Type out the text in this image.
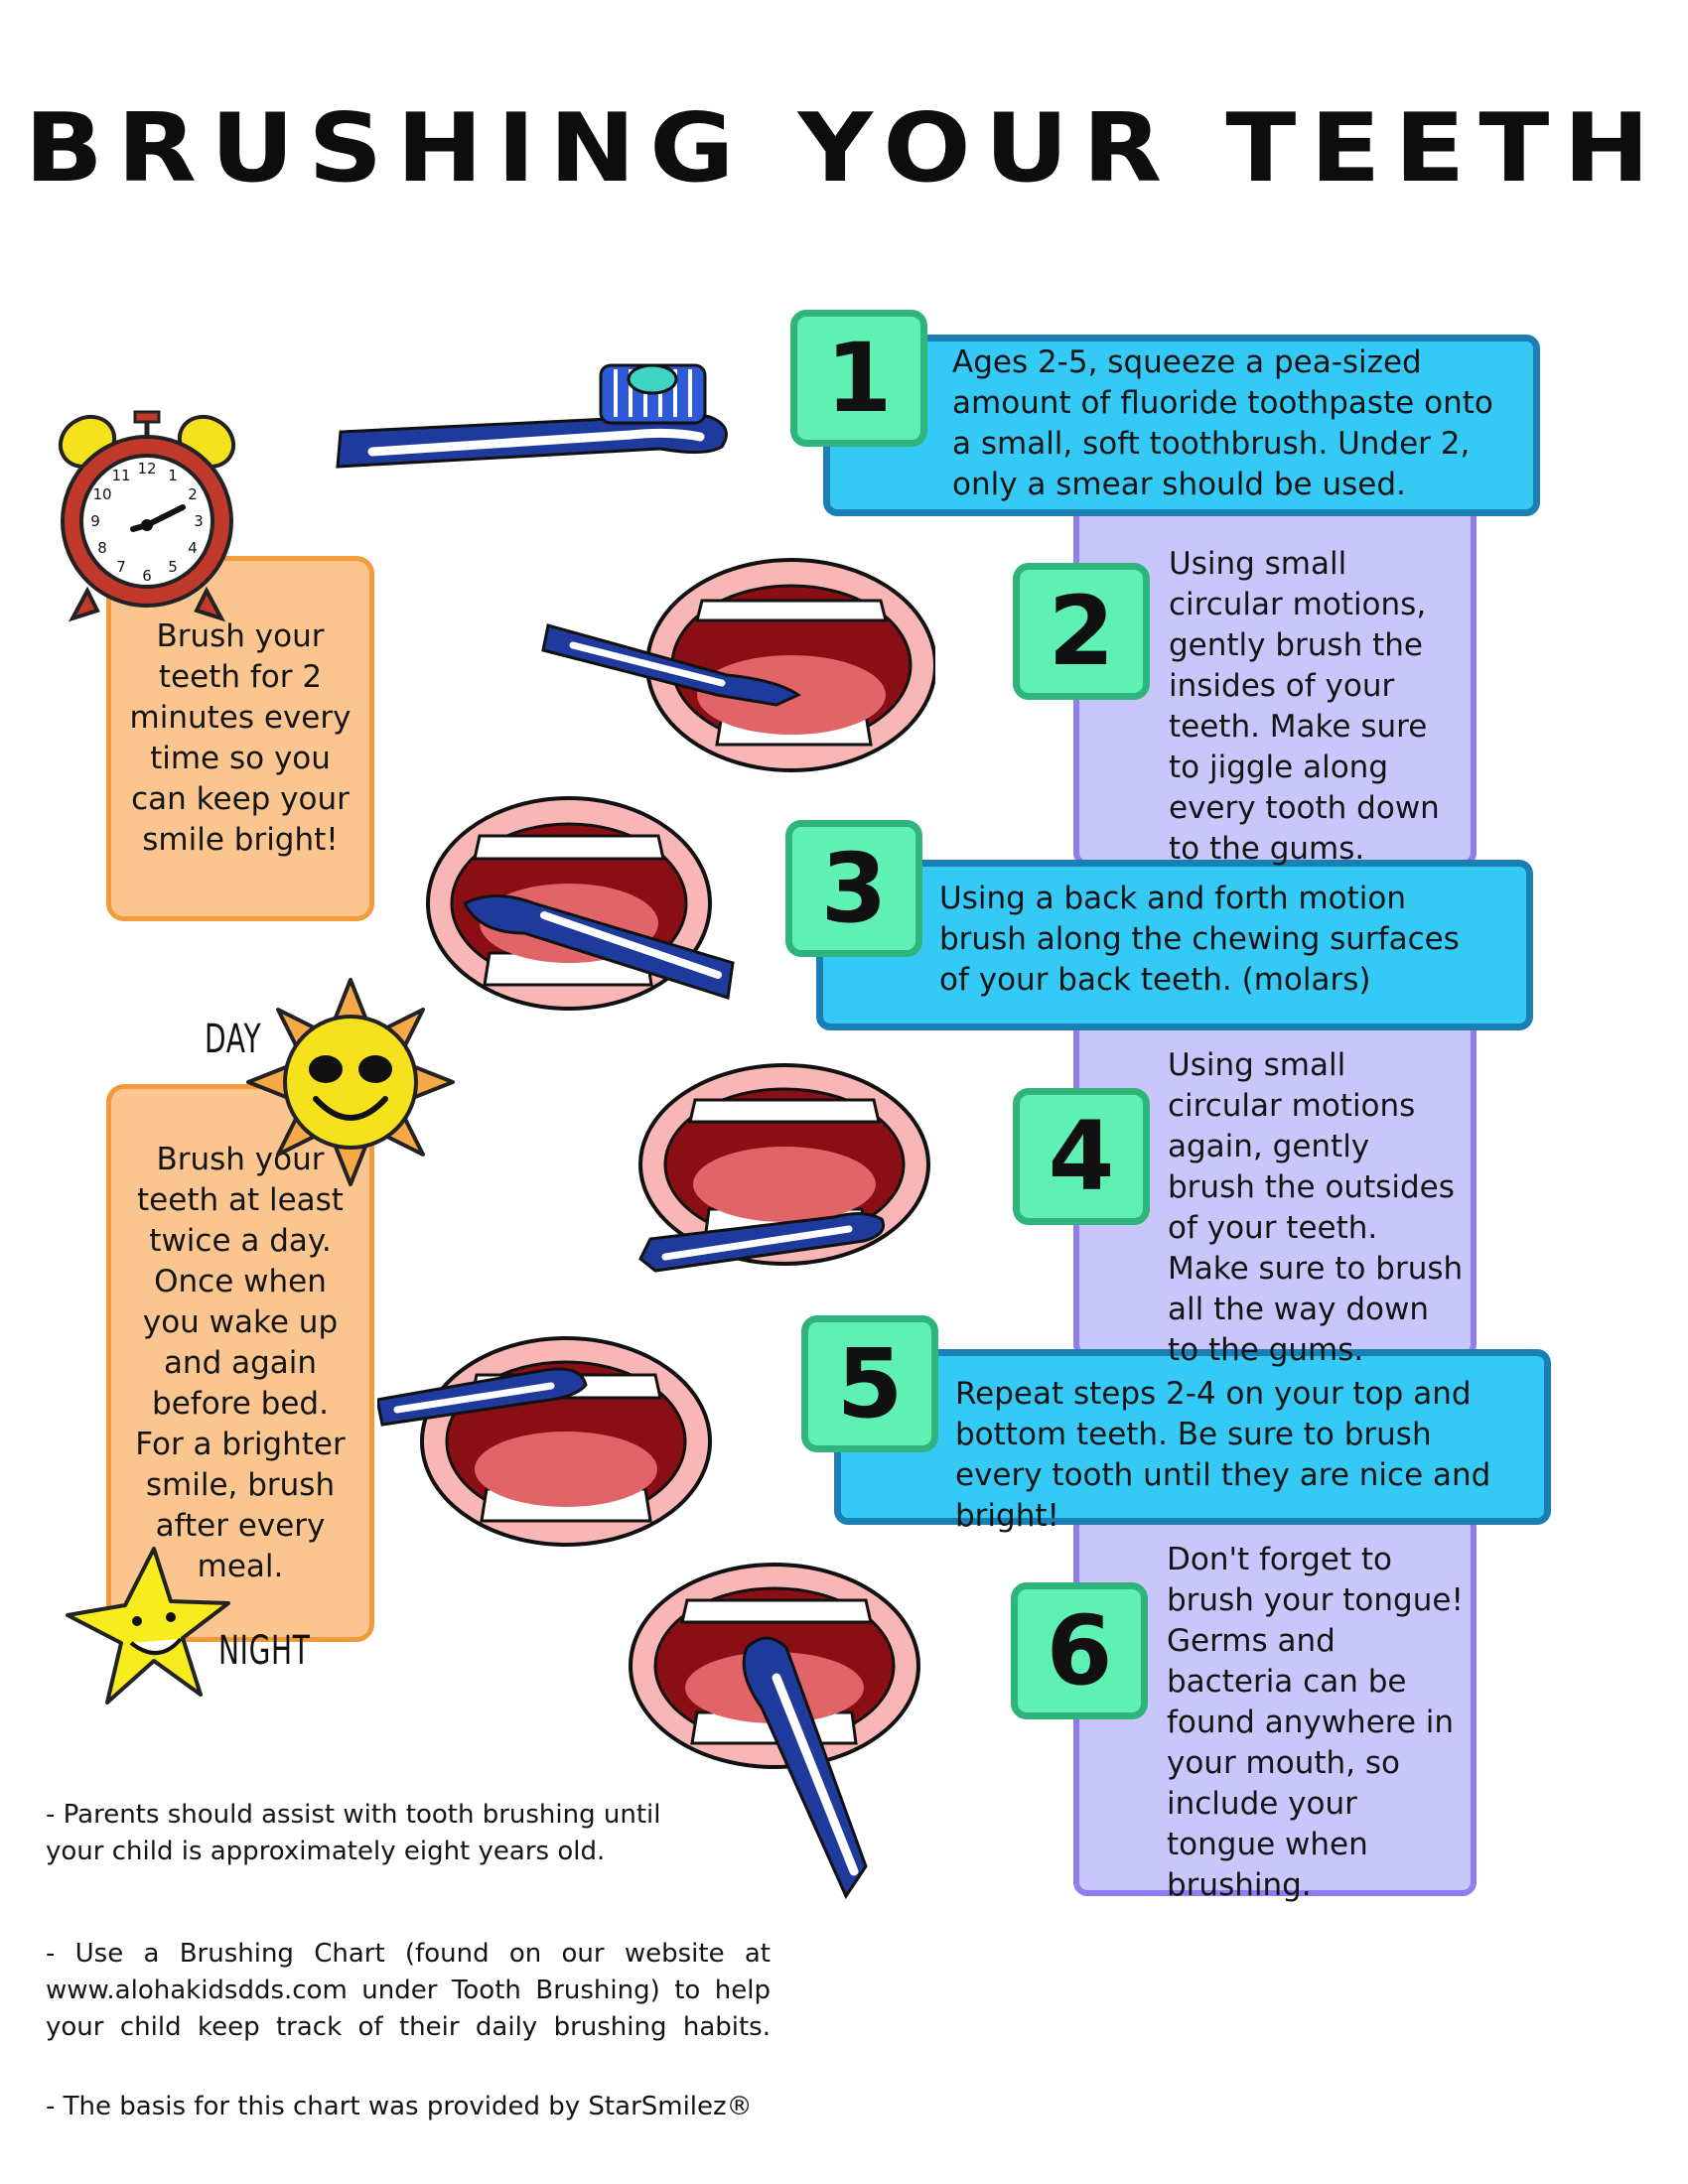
BRUSHING YOUR TEETH
1
2
3
4
5
6
Ages 2-5, squeeze a pea-sized amount of fluoride toothpaste onto a small, soft toothbrush. Under 2, only a smear should be used.
Using small circular motions, gently brush the insides of your teeth. Make sure to jiggle along every tooth down to the gums.
Using a back and forth motion brush along the chewing surfaces of your back teeth. (molars)
Using small circular motions again, gently brush the outsides of your teeth. Make sure to brush all the way down to the gums.
Repeat steps 2-4 on your top and bottom teeth. Be sure to brush every tooth until they are nice and bright!
Don't forget to brush your tongue! Germs and bacteria can be found anywhere in your mouth, so include your tongue when brushing.
Brush your teeth for 2 minutes every time so you can keep your smile bright!
Brush your teeth at least twice a day. Once when you wake up and again before bed. For a brighter smile, brush after every meal.
12 1
2
3
4
5
6
7
8
9
10
11
DAY
NIGHT
- Parents should assist with tooth brushing until your child is approximately eight years old.
- Use a Brushing Chart (found on our website at www.alohakidsdds.com under Tooth Brushing) to help your child keep track of their daily brushing habits.
- The basis for this chart was provided by StarSmilez®
